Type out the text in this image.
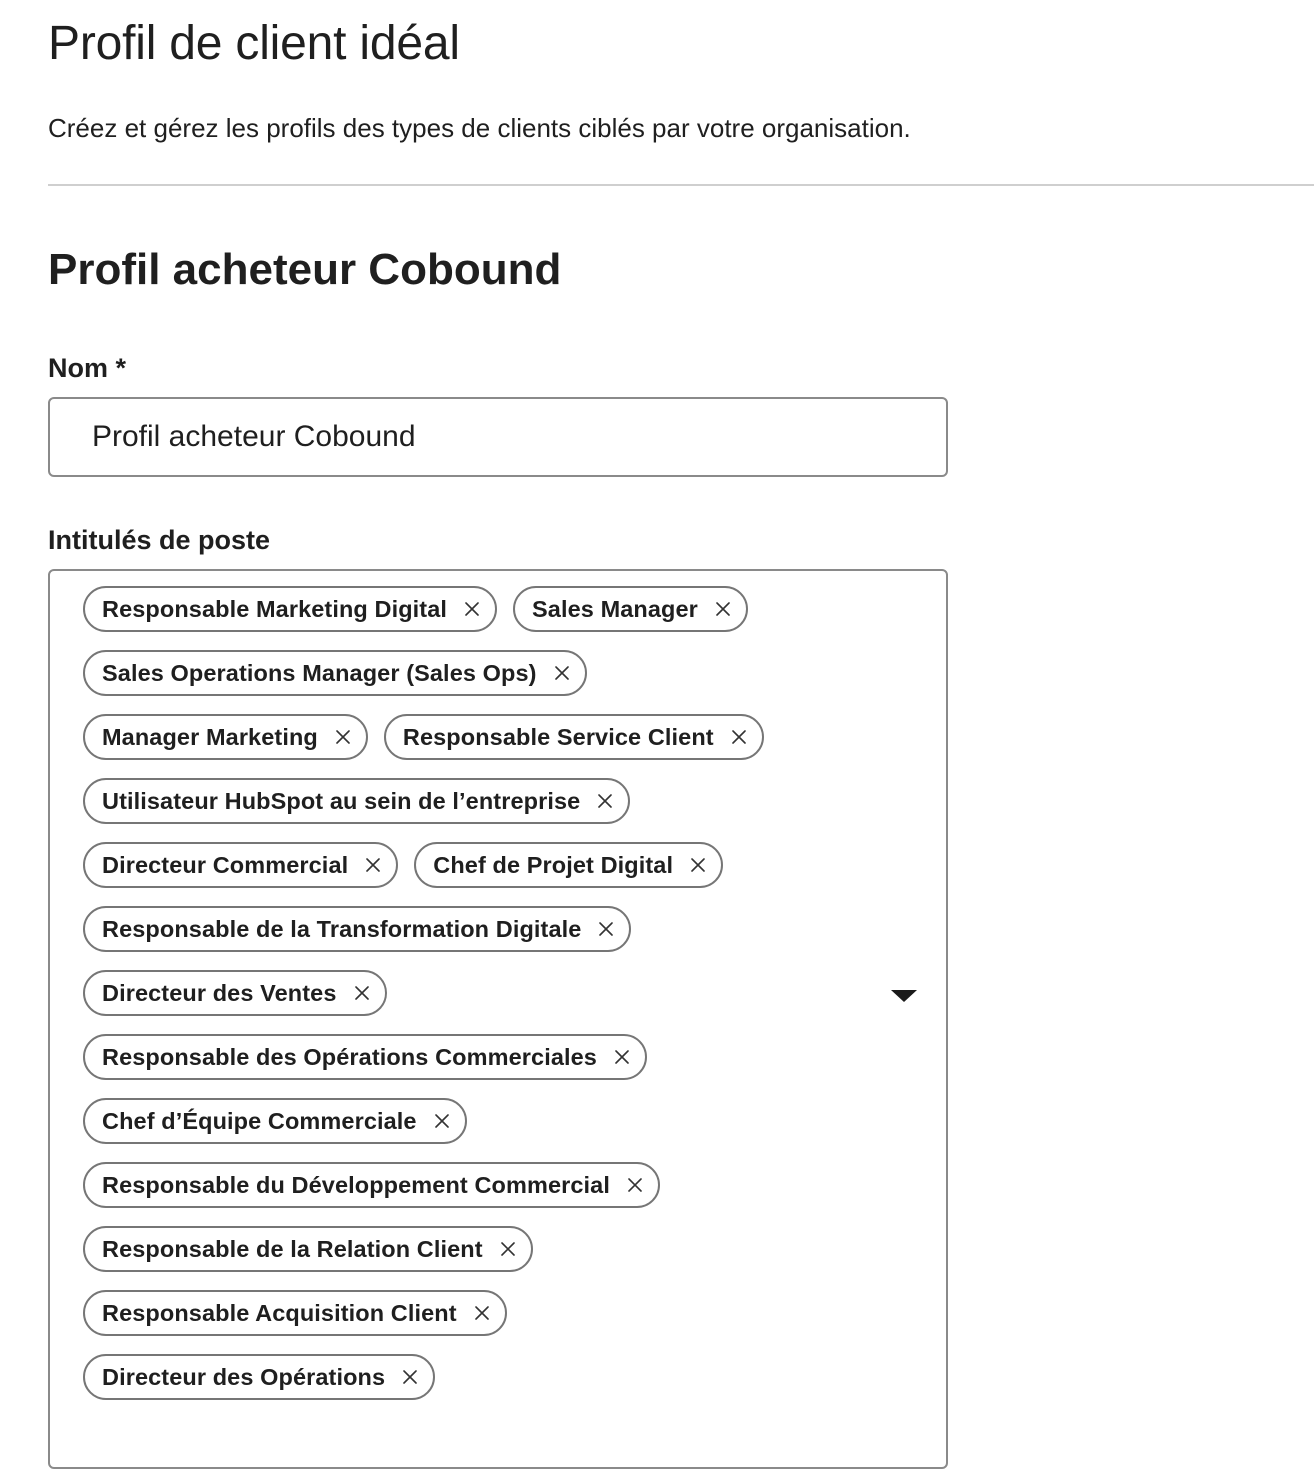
Profil de client idéal

Créez et gérez les profils des types de clients ciblés par votre organisation.

Profil acheteur Cobound
Nom *
Profil acheteur Cobound
Intitulés de poste
Responsable Marketing Digital	Sales Manager
Sales Operations Manager (Sales Ops)
Manager Marketing	Responsable Service Client
Utilisateur HubSpot au sein de l’entreprise
Directeur Commercial	Chef de Projet Digital
Responsable de la Transformation Digitale
Directeur des Ventes
Responsable des Opérations Commerciales
Chef d’Équipe Commerciale
Responsable du Développement Commercial
Responsable de la Relation Client
Responsable Acquisition Client
Directeur des Opérations
